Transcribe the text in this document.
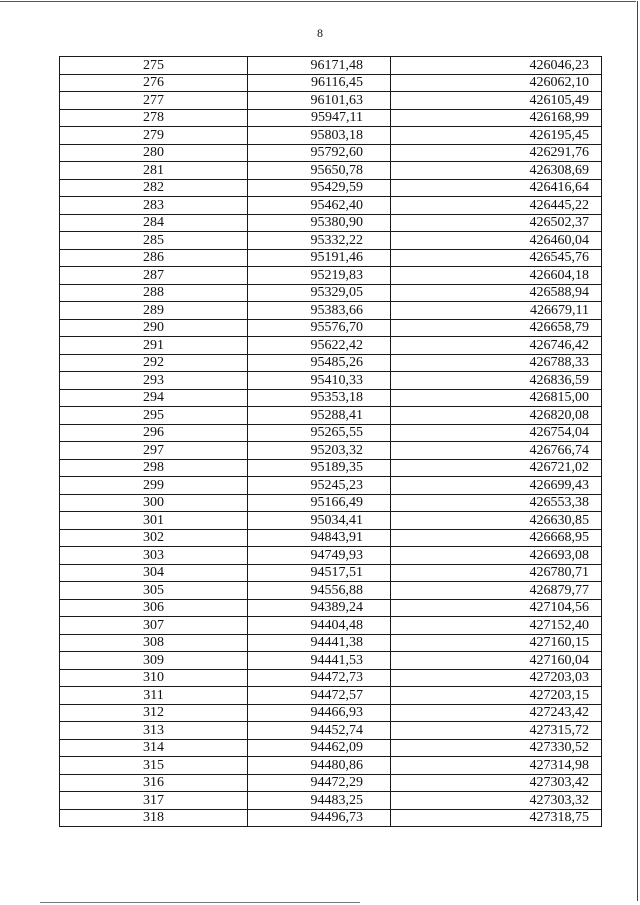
8
275	96171,48	426046,23
276	96116,45	426062,10
277	96101,63	426105,49
278	95947,11	426168,99
279	95803,18	426195,45
280	95792,60	426291,76
281	95650,78	426308,69
282	95429,59	426416,64
283	95462,40	426445,22
284	95380,90	426502,37
285	95332,22	426460,04
286	95191,46	426545,76
287	95219,83	426604,18
288	95329,05	426588,94
289	95383,66	426679,11
290	95576,70	426658,79
291	95622,42	426746,42
292	95485,26	426788,33
293	95410,33	426836,59
294	95353,18	426815,00
295	95288,41	426820,08
296	95265,55	426754,04
297	95203,32	426766,74
298	95189,35	426721,02
299	95245,23	426699,43
300	95166,49	426553,38
301	95034,41	426630,85
302	94843,91	426668,95
303	94749,93	426693,08
304	94517,51	426780,71
305	94556,88	426879,77
306	94389,24	427104,56
307	94404,48	427152,40
308	94441,38	427160,15
309	94441,53	427160,04
310	94472,73	427203,03
311	94472,57	427203,15
312	94466,93	427243,42
313	94452,74	427315,72
314	94462,09	427330,52
315	94480,86	427314,98
316	94472,29	427303,42
317	94483,25	427303,32
318	94496,73	427318,75
